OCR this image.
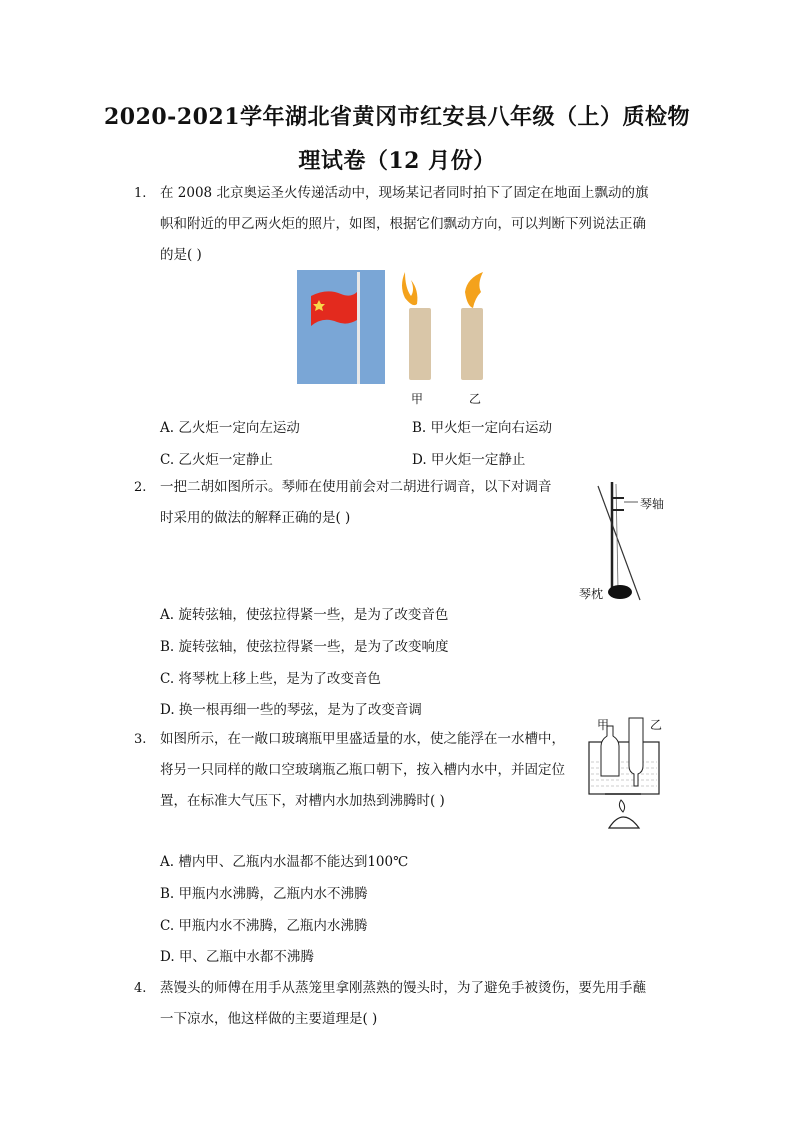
2020-2021学年湖北省黄冈市红安县八年级（上）质检物
理试卷（12 月份）
1. 在 2008 北京奥运圣火传递活动中，现场某记者同时拍下了固定在地面上飘动的旗
帜和附近的甲乙两火炬的照片，如图，根据它们飘动方向，可以判断下列说法正确
的是( )
甲	乙
A. 乙火炬一定向左运动	B. 甲火炬一定向右运动
C. 乙火炬一定静止	D. 甲火炬一定静止
2. 一把二胡如图所示。琴师在使用前会对二胡进行调音，以下对调音
时采用的做法的解释正确的是( )
琴轴
琴枕
A. 旋转弦轴，使弦拉得紧一些，是为了改变音色
B. 旋转弦轴，使弦拉得紧一些，是为了改变响度
C. 将琴枕上移上些，是为了改变音色
D. 换一根再细一些的琴弦，是为了改变音调
3. 如图所示，在一敞口玻璃瓶甲里盛适量的水，使之能浮在一水槽中，
将另一只同样的敞口空玻璃瓶乙瓶口朝下，按入槽内水中，并固定位
置，在标准大气压下，对槽内水加热到沸腾时( )
甲	乙
A. 槽内甲、乙瓶内水温都不能达到100℃
B. 甲瓶内水沸腾，乙瓶内水不沸腾
C. 甲瓶内水不沸腾，乙瓶内水沸腾
D. 甲、乙瓶中水都不沸腾
4. 蒸馒头的师傅在用手从蒸笼里拿刚蒸熟的馒头时，为了避免手被烫伤，要先用手蘸
一下凉水，他这样做的主要道理是( )
